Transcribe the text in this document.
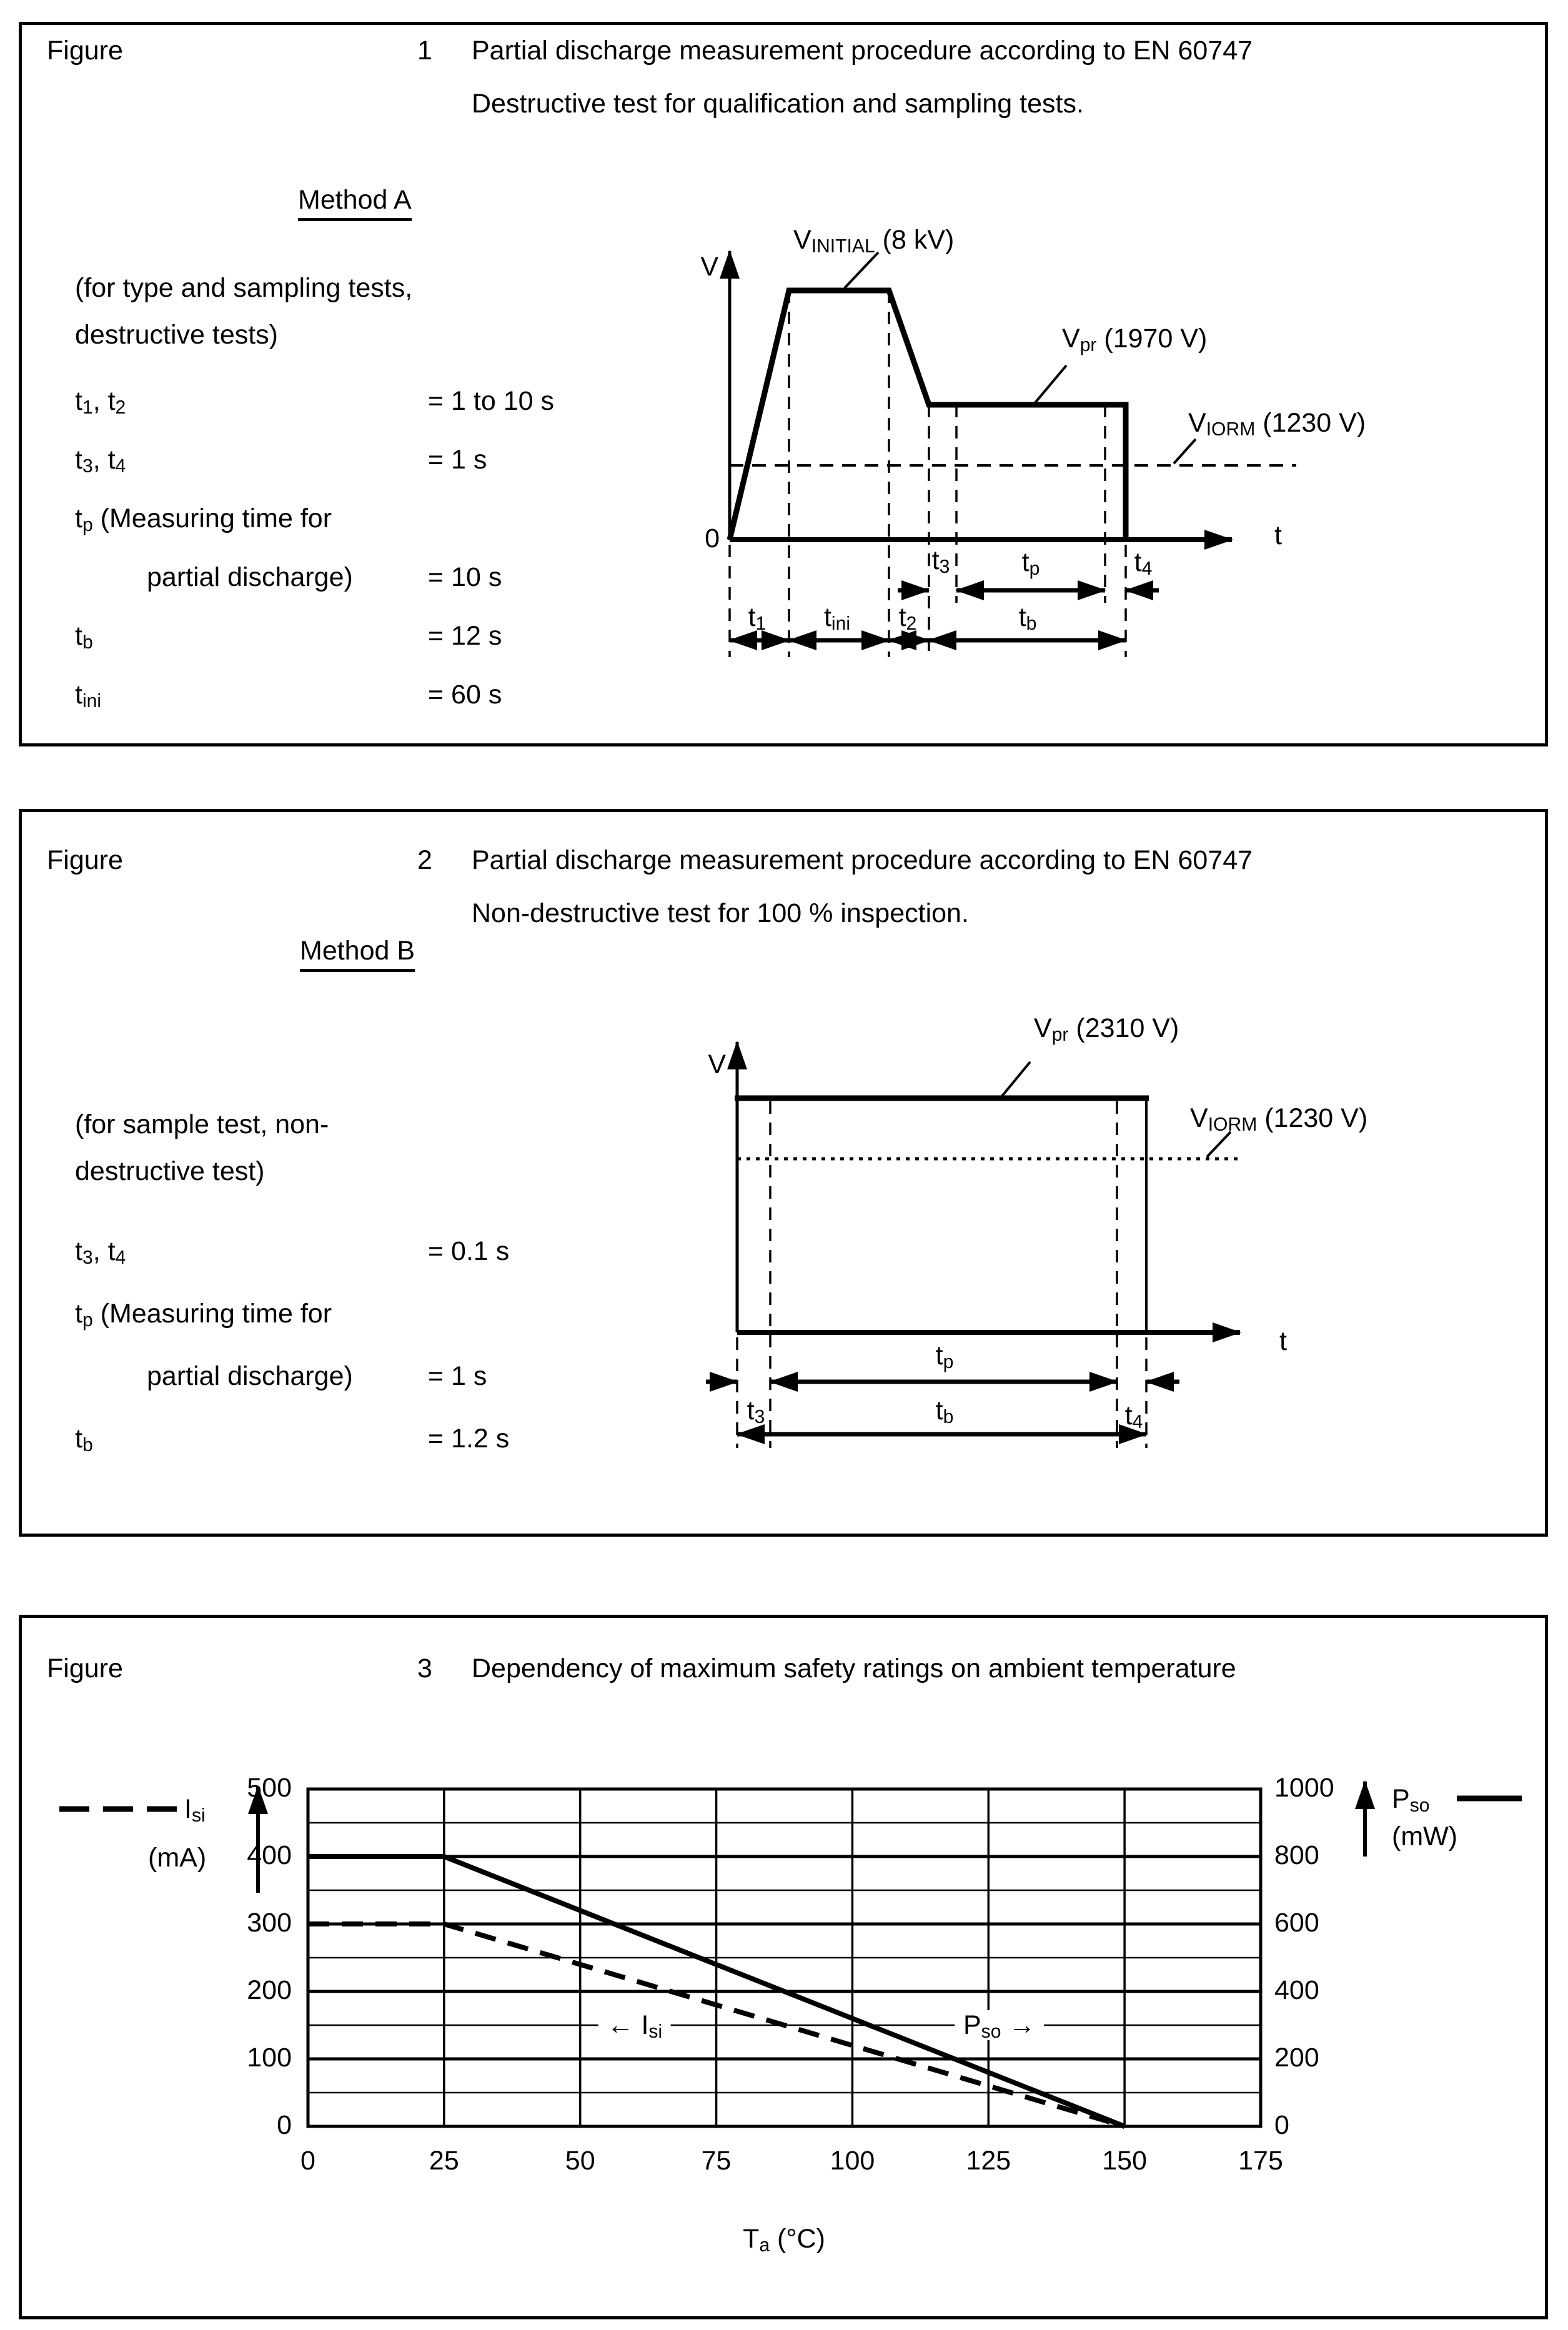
Figure	1	Partial discharge measurement procedure according to EN 60747
Destructive test for qualification and sampling tests.
Method A
(for type and sampling tests,
destructive tests)
$t_1$, $t_2$	= 1 to 10 s
$t_3$, $t_4$	= 1 s
$t_p$ (Measuring time for
partial discharge)	= 10 s
$t_b$	= 12 s
$t_{ini}$	= 60 s
V
0	t
$V_{INITIAL}$ (8 kV)
$V_{pr}$ (1970 V)
$V_{IORM}$ (1230 V)
$t_3$	$t_p$	$t_4$
$t_1$	$t_{ini}$	$t_2$	$t_b$
Figure	2	Partial discharge measurement procedure according to EN 60747
Non-destructive test for 100 % inspection.
Method B
(for sample test, non-
destructive test)
$t_3$, $t_4$	= 0.1 s
$t_p$ (Measuring time for
partial discharge)	= 1 s
$t_b$	= 1.2 s
V
t
$V_{pr}$ (2310 V)
$V_{IORM}$ (1230 V)
$t_p$
$t_3$	$t_b$	$t_4$
Figure	3	Dependency of maximum safety ratings on ambient temperature
$I_{si}$
(mA)
$P_{so}$
(mW)
$T_a$ (°C)
0
100
200
300
400
500
0
200
400
600
800
1000
0	25	50	75	100	125	150	175
← $I_{si}$	$P_{so}$ →
